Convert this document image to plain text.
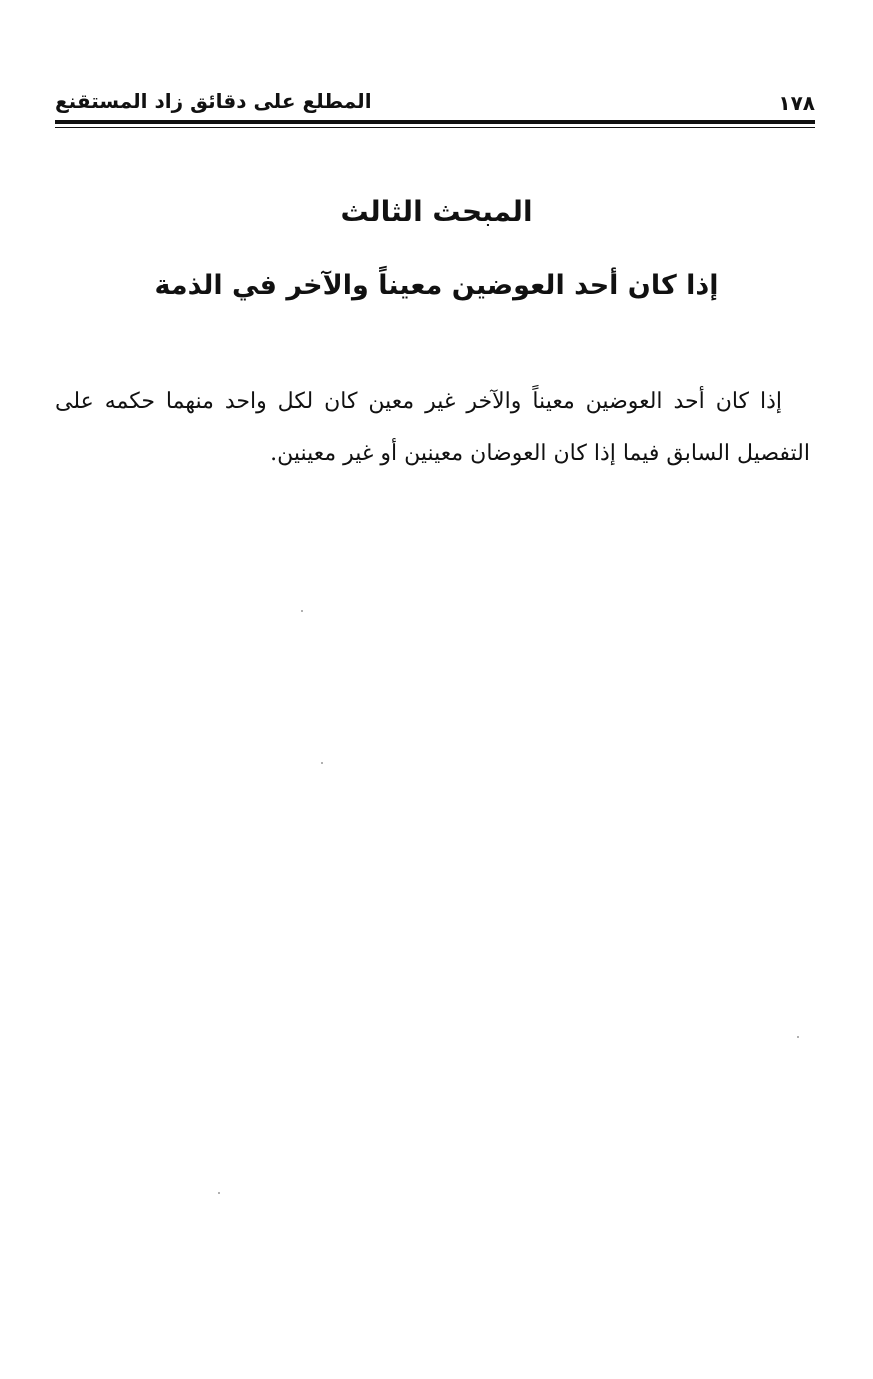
١٧٨
المطلع على دقائق زاد المستقنع
المبحث الثالث
إذا كان أحد العوضين معيناً والآخر في الذمة

إذا كان أحد العوضين معيناً والآخر غير معين كان لكل واحد منهما حكمه على التفصيل السابق فيما إذا كان العوضان معينين أو غير معينين.
